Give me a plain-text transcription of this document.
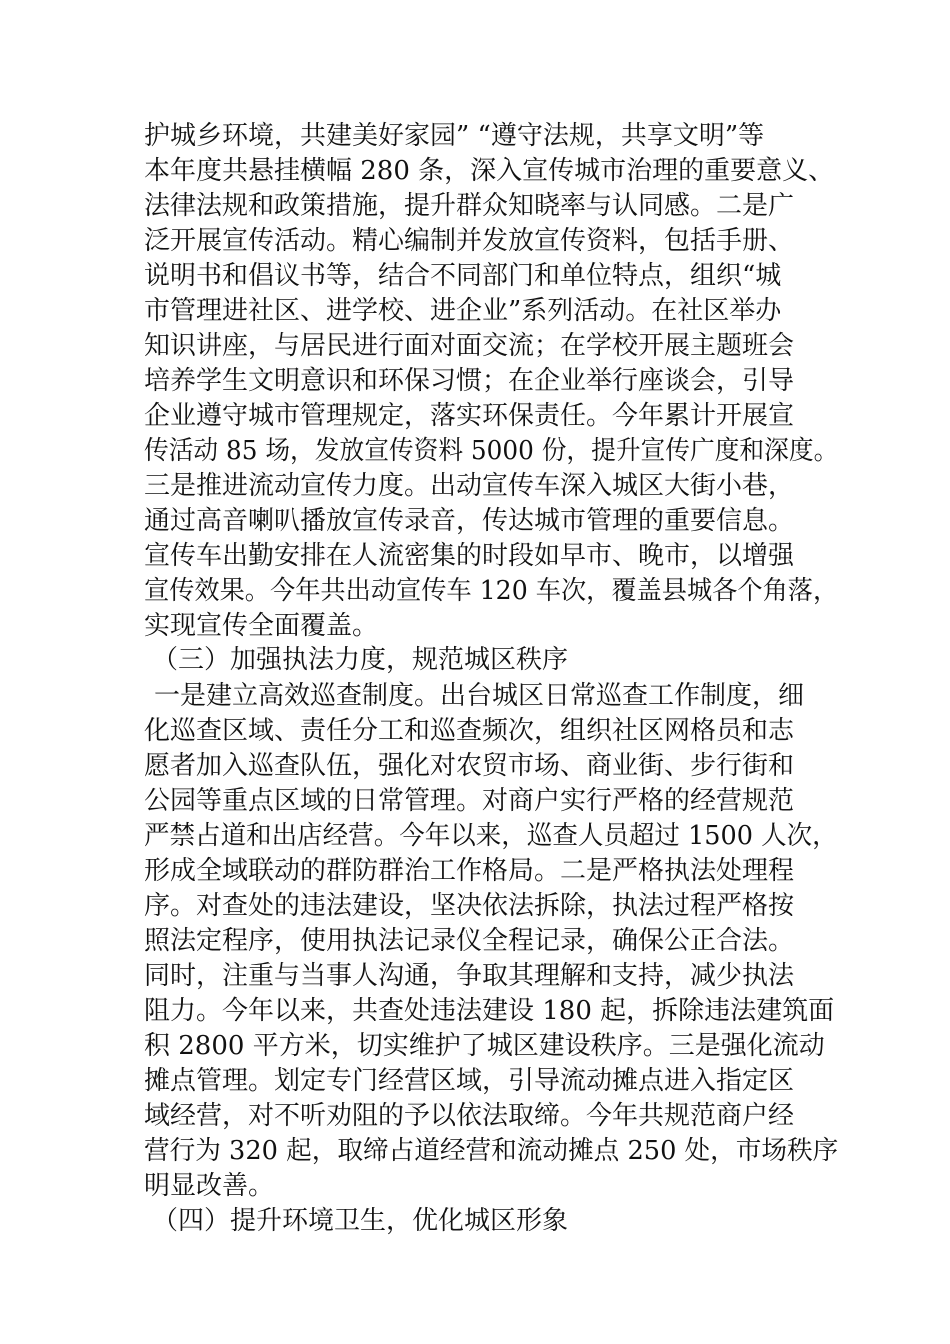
护城乡环境，共建美好家园” “遵守法规，共享文明”等
本年度共悬挂横幅 280 条，深入宣传城市治理的重要意义、
法律法规和政策措施，提升群众知晓率与认同感。二是广
泛开展宣传活动。精心编制并发放宣传资料，包括手册、
说明书和倡议书等，结合不同部门和单位特点，组织“城
市管理进社区、进学校、进企业”系列活动。在社区举办
知识讲座，与居民进行面对面交流；在学校开展主题班会
培养学生文明意识和环保习惯；在企业举行座谈会，引导
企业遵守城市管理规定，落实环保责任。今年累计开展宣
传活动 85 场，发放宣传资料 5000 份，提升宣传广度和深度。
三是推进流动宣传力度。出动宣传车深入城区大街小巷，
通过高音喇叭播放宣传录音，传达城市管理的重要信息。
宣传车出勤安排在人流密集的时段如早市、晚市，以增强
宣传效果。今年共出动宣传车 120 车次，覆盖县城各个角落，
实现宣传全面覆盖。
（三）加强执法力度，规范城区秩序
一是建立高效巡查制度。出台城区日常巡查工作制度，细
化巡查区域、责任分工和巡查频次，组织社区网格员和志
愿者加入巡查队伍，强化对农贸市场、商业街、步行街和
公园等重点区域的日常管理。对商户实行严格的经营规范
严禁占道和出店经营。今年以来，巡查人员超过 1500 人次，
形成全域联动的群防群治工作格局。二是严格执法处理程
序。对查处的违法建设，坚决依法拆除，执法过程严格按
照法定程序，使用执法记录仪全程记录，确保公正合法。
同时，注重与当事人沟通，争取其理解和支持，减少执法
阻力。今年以来，共查处违法建设 180 起，拆除违法建筑面
积 2800 平方米，切实维护了城区建设秩序。三是强化流动
摊点管理。划定专门经营区域，引导流动摊点进入指定区
域经营，对不听劝阻的予以依法取缔。今年共规范商户经
营行为 320 起，取缔占道经营和流动摊点 250 处，市场秩序
明显改善。
（四）提升环境卫生，优化城区形象
